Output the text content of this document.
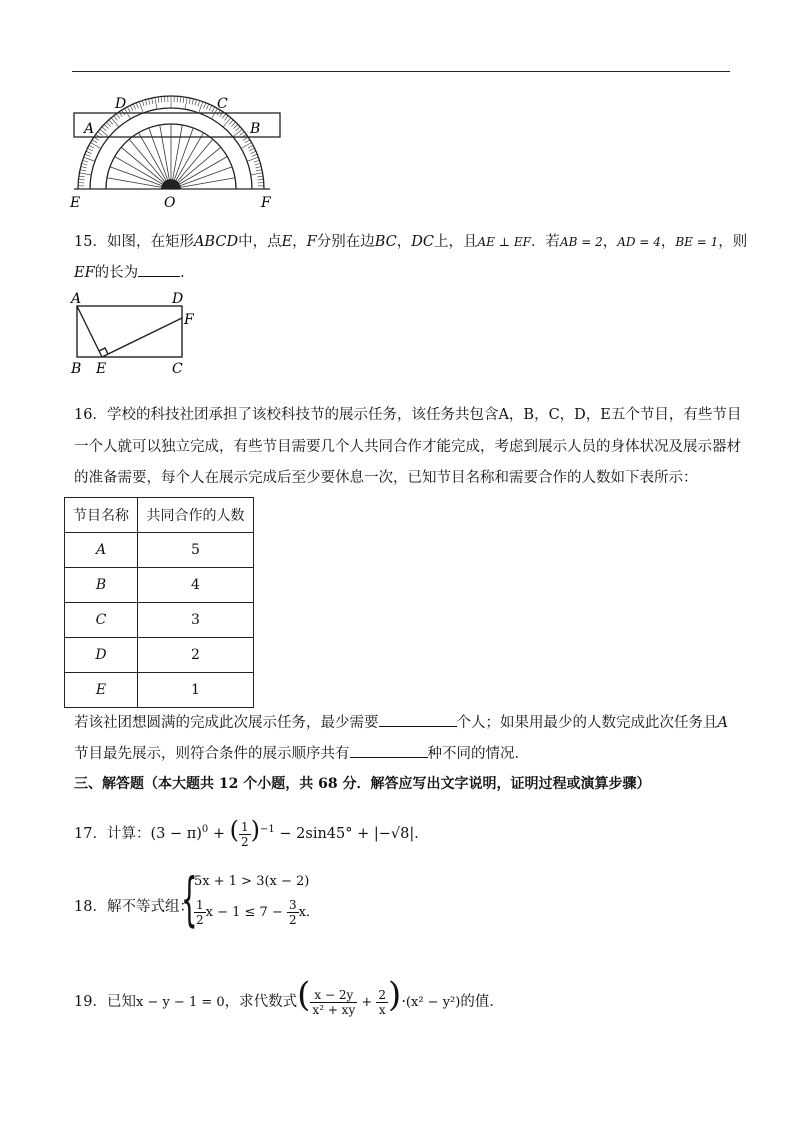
D	C
A	B
E	O	F
15．如图，在矩形ABCD中，点E，F分别在边BC，DC上，且AE ⊥ EF．若AB = 2，AD = 4，BE = 1，则
EF的长为	．
A	D
F
B E	C
16．学校的科技社团承担了该校科技节的展示任务，该任务共包含A，B，C，D，E五个节目，有些节目
一个人就可以独立完成，有些节目需要几个人共同合作才能完成，考虑到展示人员的身体状况及展示器材
的准备需要，每个人在展示完成后至少要休息一次，已知节目名称和需要合作的人数如下表所示：
节目名称	共同合作的人数
A	5
B	4
C	3
D	2
E	1
若该社团想圆满的完成此次展示任务，最少需要	个人；如果用最少的人数完成此次任务且A
节目最先展示，则符合条件的展示顺序共有	种不同的情况．
三、解答题（本大题共 12 个小题，共 68 分．解答应写出文字说明，证明过程或演算步骤）
17．计算：$(3 - \pi)^0$ + ( $\frac{1}{2} )^{-1} - 2\sin 45^\circ + |-√8|$．
18．解不等式组：
{
5x + 1 > 3(x − 2)
$\frac{1}{2}$ $x - 1 \le 7 - \frac{3}{2}$ x．
19．已知x − y − 1 = 0，求代数式( $\frac{x - 2y}{\text{x² + xy}} + \frac{2}{x} )\cdot(x^2 - y^2)$的值．
